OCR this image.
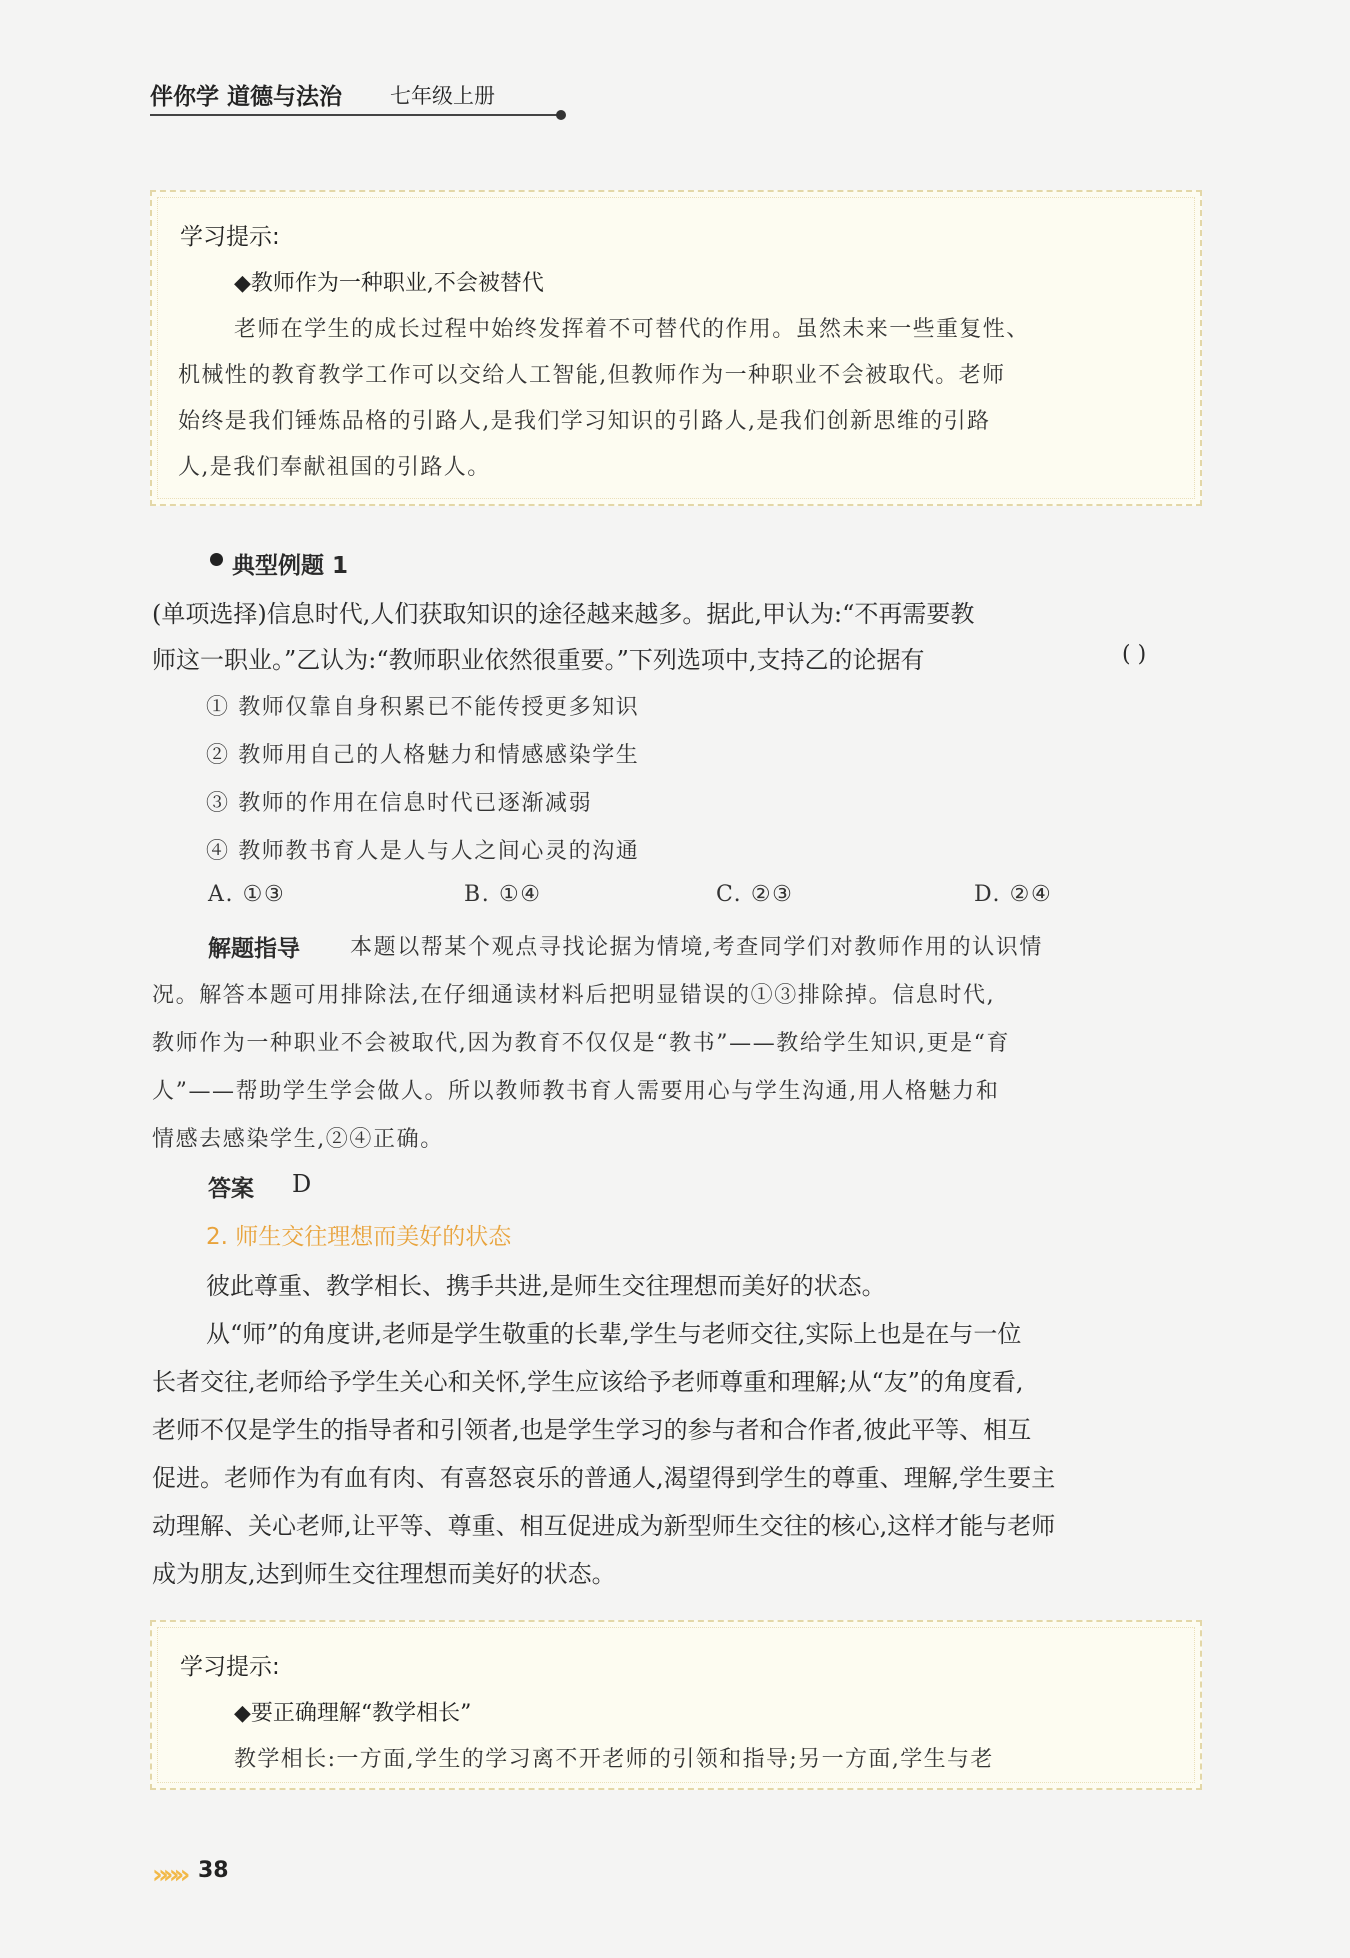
伴你学 道德与法治 七年级上册
学习提示:
◆教师作为一种职业,不会被替代
老师在学生的成长过程中始终发挥着不可替代的作用。虽然未来一些重复性、
机械性的教育教学工作可以交给人工智能,但教师作为一种职业不会被取代。老师
始终是我们锤炼品格的引路人,是我们学习知识的引路人,是我们创新思维的引路
人,是我们奉献祖国的引路人。
典型例题 1
(单项选择)信息时代,人们获取知识的途径越来越多。据此,甲认为:“不再需要教
师这一职业。”乙认为:“教师职业依然很重要。”下列选项中,支持乙的论据有	( )
① 教师仅靠自身积累已不能传授更多知识
② 教师用自己的人格魅力和情感感染学生
③ 教师的作用在信息时代已逐渐减弱
④ 教师教书育人是人与人之间心灵的沟通
A. ①③	B. ①④	C. ②③	D. ②④
解题指导 本题以帮某个观点寻找论据为情境,考查同学们对教师作用的认识情
况。解答本题可用排除法,在仔细通读材料后把明显错误的①③排除掉。信息时代,
教师作为一种职业不会被取代,因为教育不仅仅是“教书”——教给学生知识,更是“育
人”——帮助学生学会做人。所以教师教书育人需要用心与学生沟通,用人格魅力和
情感去感染学生,②④正确。
答案 D
2. 师生交往理想而美好的状态
彼此尊重、教学相长、携手共进,是师生交往理想而美好的状态。
从“师”的角度讲,老师是学生敬重的长辈,学生与老师交往,实际上也是在与一位
长者交往,老师给予学生关心和关怀,学生应该给予老师尊重和理解;从“友”的角度看,
老师不仅是学生的指导者和引领者,也是学生学习的参与者和合作者,彼此平等、相互
促进。老师作为有血有肉、有喜怒哀乐的普通人,渴望得到学生的尊重、理解,学生要主
动理解、关心老师,让平等、尊重、相互促进成为新型师生交往的核心,这样才能与老师
成为朋友,达到师生交往理想而美好的状态。
学习提示:
◆要正确理解“教学相长”
教学相长:一方面,学生的学习离不开老师的引领和指导;另一方面,学生与老
»»» 38
